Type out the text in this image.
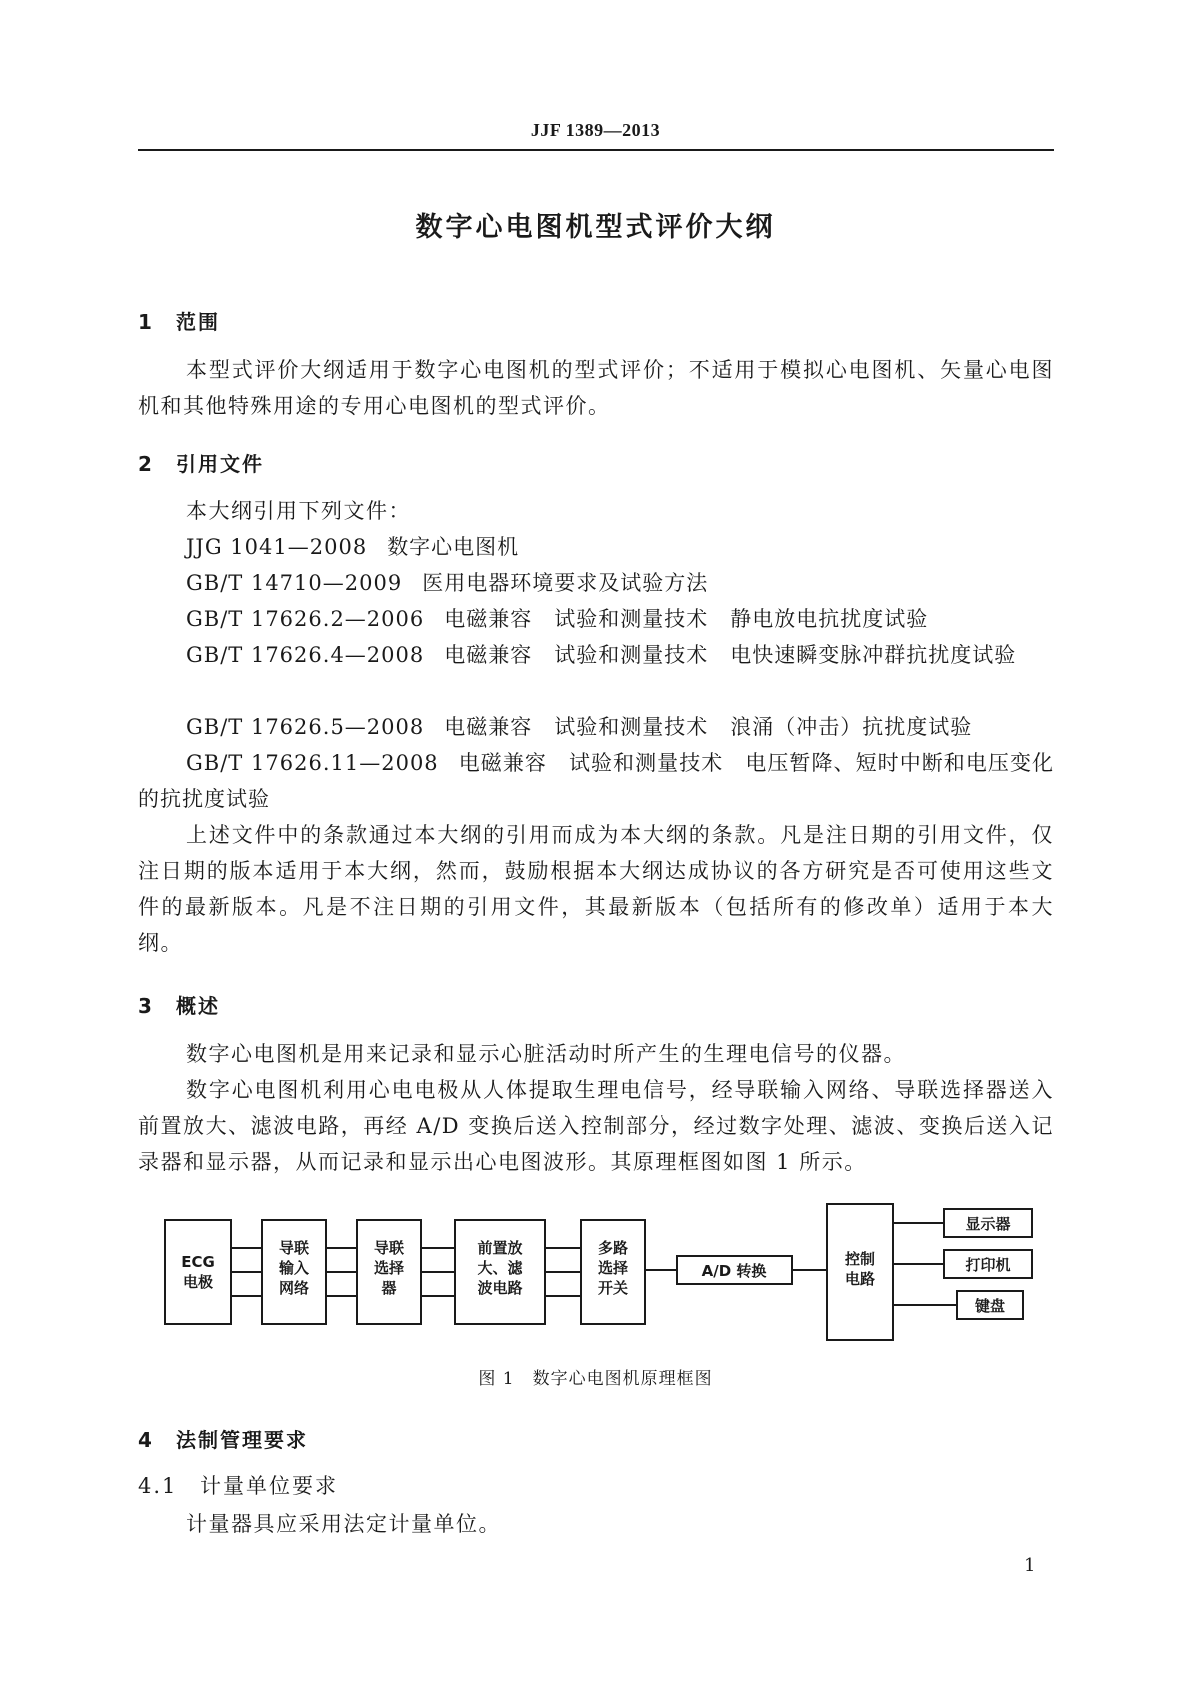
JJF 1389—2013
数字心电图机型式评价大纲
1 范围
本型式评价大纲适用于数字心电图机的型式评价；不适用于模拟心电图机、矢量心电图机和其他特殊用途的专用心电图机的型式评价。
2 引用文件
本大纲引用下列文件：
JJG 1041—2008 数字心电图机
GB/T 14710—2009 医用电器环境要求及试验方法
GB/T 17626.2—2006 电磁兼容 试验和测量技术 静电放电抗扰度试验
GB/T 17626.4—2008 电磁兼容 试验和测量技术 电快速瞬变脉冲群抗扰度试验
GB/T 17626.5—2008 电磁兼容 试验和测量技术 浪涌（冲击）抗扰度试验
GB/T 17626.11—2008 电磁兼容 试验和测量技术 电压暂降、短时中断和电压变化的抗扰度试验
上述文件中的条款通过本大纲的引用而成为本大纲的条款。凡是注日期的引用文件，仅注日期的版本适用于本大纲，然而，鼓励根据本大纲达成协议的各方研究是否可使用这些文件的最新版本。凡是不注日期的引用文件，其最新版本（包括所有的修改单）适用于本大纲。
3 概述
数字心电图机是用来记录和显示心脏活动时所产生的生理电信号的仪器。
数字心电图机利用心电电极从人体提取生理电信号，经导联输入网络、导联选择器送入前置放大、滤波电路，再经 A/D 变换后送入控制部分，经过数字处理、滤波、变换后送入记录器和显示器，从而记录和显示出心电图波形。其原理框图如图 1 所示。
ECG
电极
导联
输入
网络
导联
选择
器
前置放
大、滤
波电路
多路
选择
开关
A/D 转换
控制
电路
显示器
打印机
键盘
图 1 数字心电图机原理框图
4 法制管理要求
4.1 计量单位要求
计量器具应采用法定计量单位。
1
